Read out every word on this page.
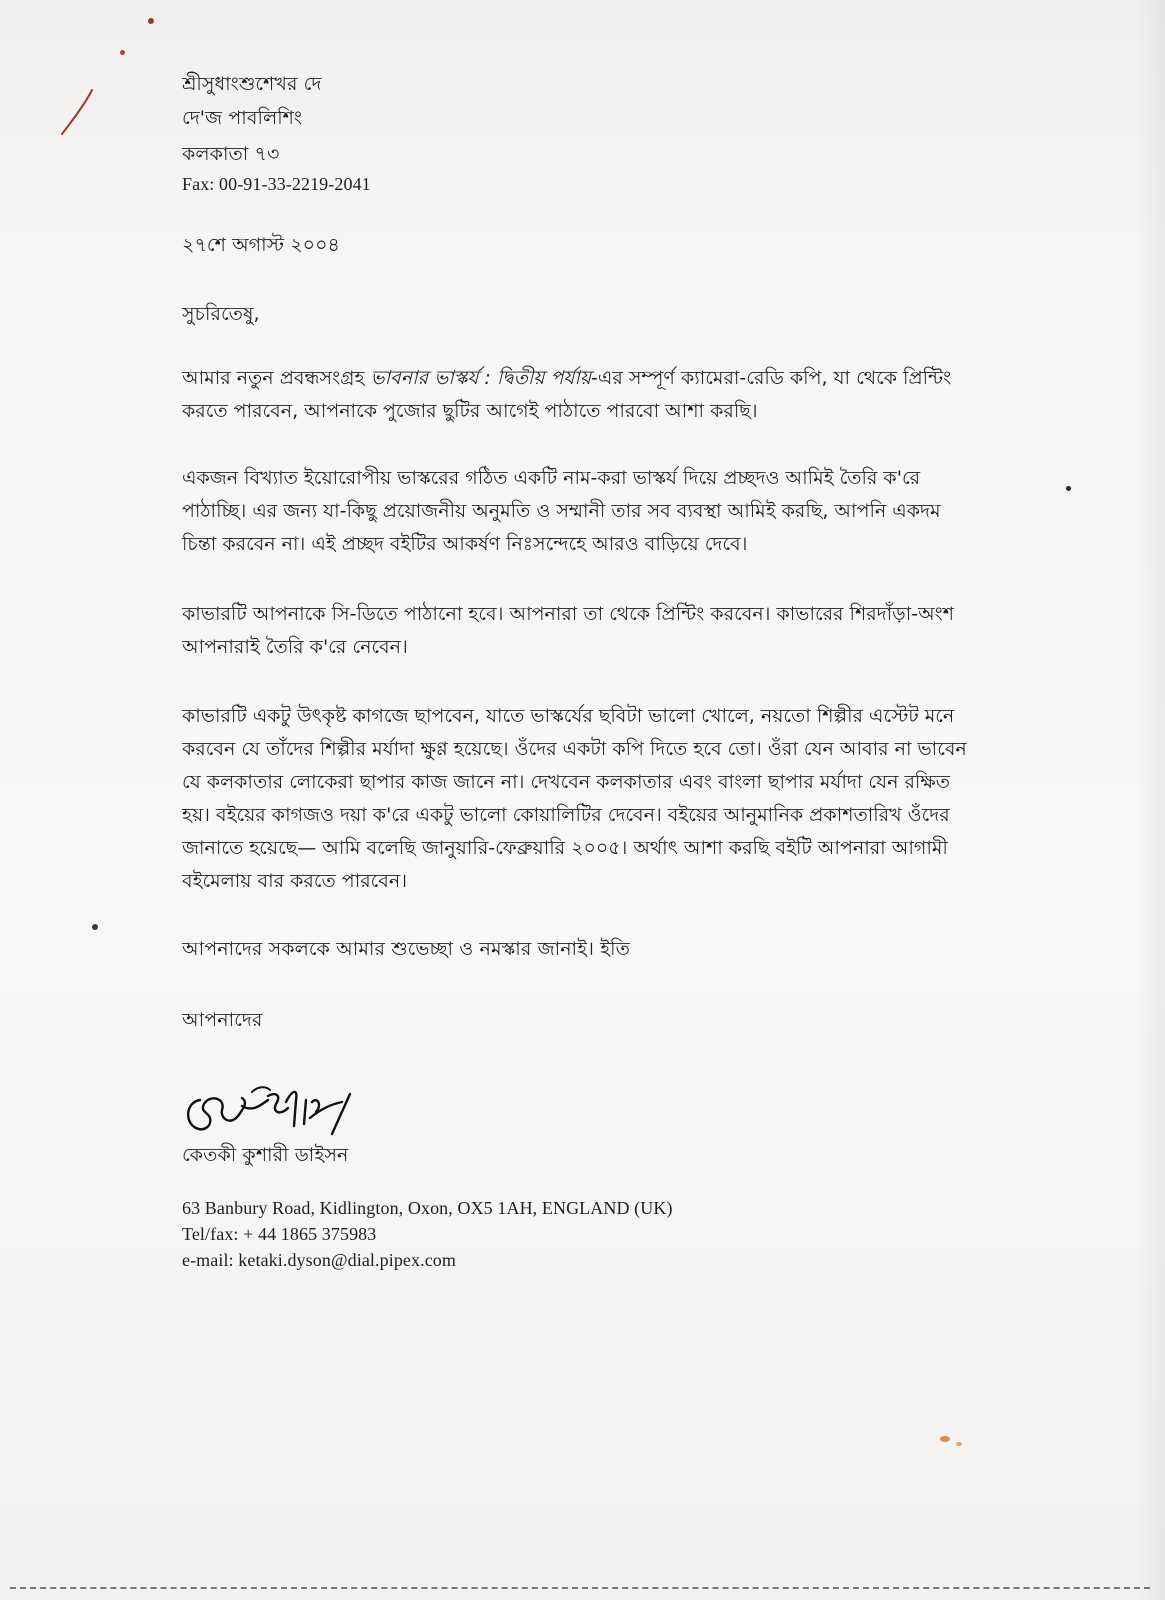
শ্রীসুধাংশুশেখর দে
দে'জ পাবলিশিং
কলকাতা ৭৩
Fax: 00-91-33-2219-2041
২৭শে অগাস্ট ২০০৪
সুচরিতেষু,
আমার নতুন প্রবন্ধসংগ্রহ ভাবনার ভাস্কর্য : দ্বিতীয় পর্যায়-এর সম্পূর্ণ ক্যামেরা-রেডি কপি, যা থেকে প্রিন্টিং করতে পারবেন, আপনাকে পুজোর ছুটির আগেই পাঠাতে পারবো আশা করছি।
একজন বিখ্যাত ইয়োরোপীয় ভাস্করের গঠিত একটি নাম-করা ভাস্কর্য দিয়ে প্রচ্ছদও আমিই তৈরি ক'রে পাঠাচ্ছি। এর জন্য যা-কিছু প্রয়োজনীয় অনুমতি ও সম্মানী তার সব ব্যবস্থা আমিই করছি, আপনি একদম চিন্তা করবেন না। এই প্রচ্ছদ বইটির আকর্ষণ নিঃসন্দেহে আরও বাড়িয়ে দেবে।
কাভারটি আপনাকে সি-ডিতে পাঠানো হবে। আপনারা তা থেকে প্রিন্টিং করবেন। কাভারের শিরদাঁড়া-অংশ আপনারাই তৈরি ক'রে নেবেন।
কাভারটি একটু উৎকৃষ্ট কাগজে ছাপবেন, যাতে ভাস্কর্যের ছবিটা ভালো খোলে, নয়তো শিল্পীর এস্টেট মনে করবেন যে তাঁদের শিল্পীর মর্যাদা ক্ষুণ্ণ হয়েছে। ওঁদের একটা কপি দিতে হবে তো। ওঁরা যেন আবার না ভাবেন যে কলকাতার লোকেরা ছাপার কাজ জানে না। দেখবেন কলকাতার এবং বাংলা ছাপার মর্যাদা যেন রক্ষিত হয়। বইয়ের কাগজও দয়া ক'রে একটু ভালো কোয়ালিটির দেবেন। বইয়ের আনুমানিক প্রকাশতারিখ ওঁদের জানাতে হয়েছে— আমি বলেছি জানুয়ারি-ফেব্রুয়ারি ২০০৫। অর্থাৎ আশা করছি বইটি আপনারা আগামী বইমেলায় বার করতে পারবেন।
আপনাদের সকলকে আমার শুভেচ্ছা ও নমস্কার জানাই। ইতি
আপনাদের
কেতকী কুশারী ডাইসন
63 Banbury Road, Kidlington, Oxon, OX5 1AH, ENGLAND (UK)
Tel/fax: + 44 1865 375983
e-mail: ketaki.dyson@dial.pipex.com
